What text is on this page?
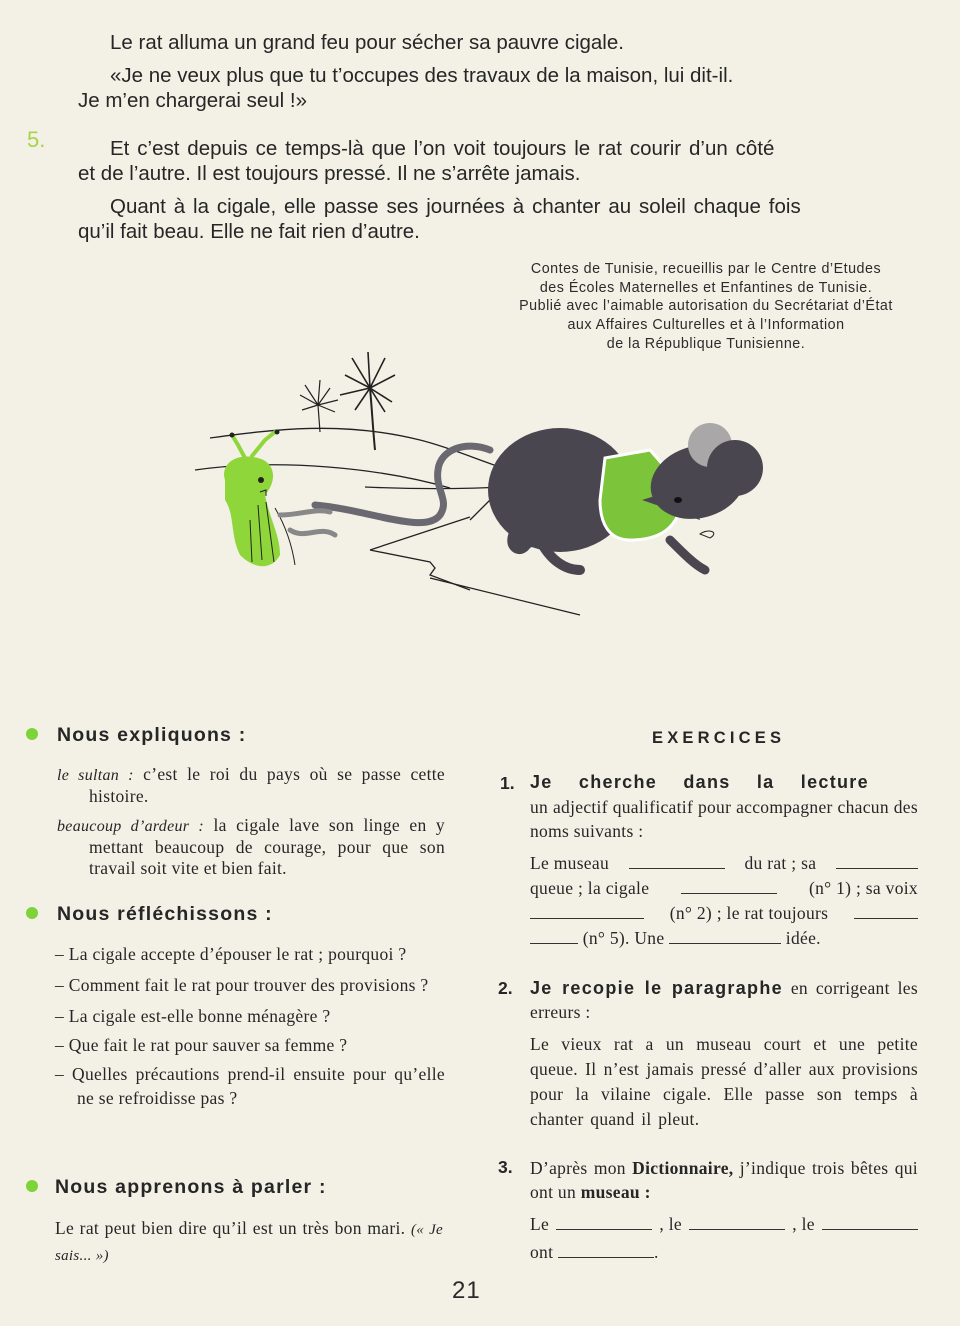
5.
Le rat alluma un grand feu pour sécher sa pauvre cigale.
«Je ne veux plus que tu t’occupes des travaux de la maison, lui dit-il.
Je m’en chargerai seul !»
Et c’est depuis ce temps-là que l’on voit toujours le rat courir d’un côté
et de l’autre. Il est toujours pressé. Il ne s’arrête jamais.
Quant à la cigale, elle passe ses journées à chanter au soleil chaque fois
qu’il fait beau. Elle ne fait rien d’autre.
Contes de Tunisie, recueillis par le Centre d’Etudes
des Écoles Maternelles et Enfantines de Tunisie.
Publié avec l’aimable autorisation du Secrétariat d’État
aux Affaires Culturelles et à l’Information
de la République Tunisienne.
Nous expliquons :

le sultan : c’est le roi du pays où se passe cette histoire.

beaucoup d’ardeur : la cigale lave son linge en y mettant beaucoup de courage, pour que son travail soit vite et bien fait.

Nous réfléchissons :

– La cigale accepte d’épouser le rat ; pourquoi ?

– Comment fait le rat pour trouver des provisions ?

– La cigale est-elle bonne ménagère ?

– Que fait le rat pour sauver sa femme ?

– Quelles précautions prend-il ensuite pour qu’elle ne se refroidisse pas ?

Nous apprenons à parler :
Le rat peut bien dire qu’il est un très bon mari. (« Je sais... »)
EXERCICES
1. Je cherche dans la lecture
un adjectif qualificatif pour accompagner chacun des noms suivants :
Le museau	du rat ; sa
queue ; la cigale	(n° 1) ; sa voix
(n° 2) ; le rat toujours
(n° 5). Une	idée.
2. Je recopie le paragraphe en corrigeant les erreurs :
Le vieux rat a un museau court et une petite queue. Il n’est jamais pressé d’aller aux provisions pour la vilaine cigale. Elle passe son temps à chanter quand il pleut.
3. D’après mon Dictionnaire, j’indique trois bêtes qui ont un museau :
Le	, le	, le
ont	.
21
